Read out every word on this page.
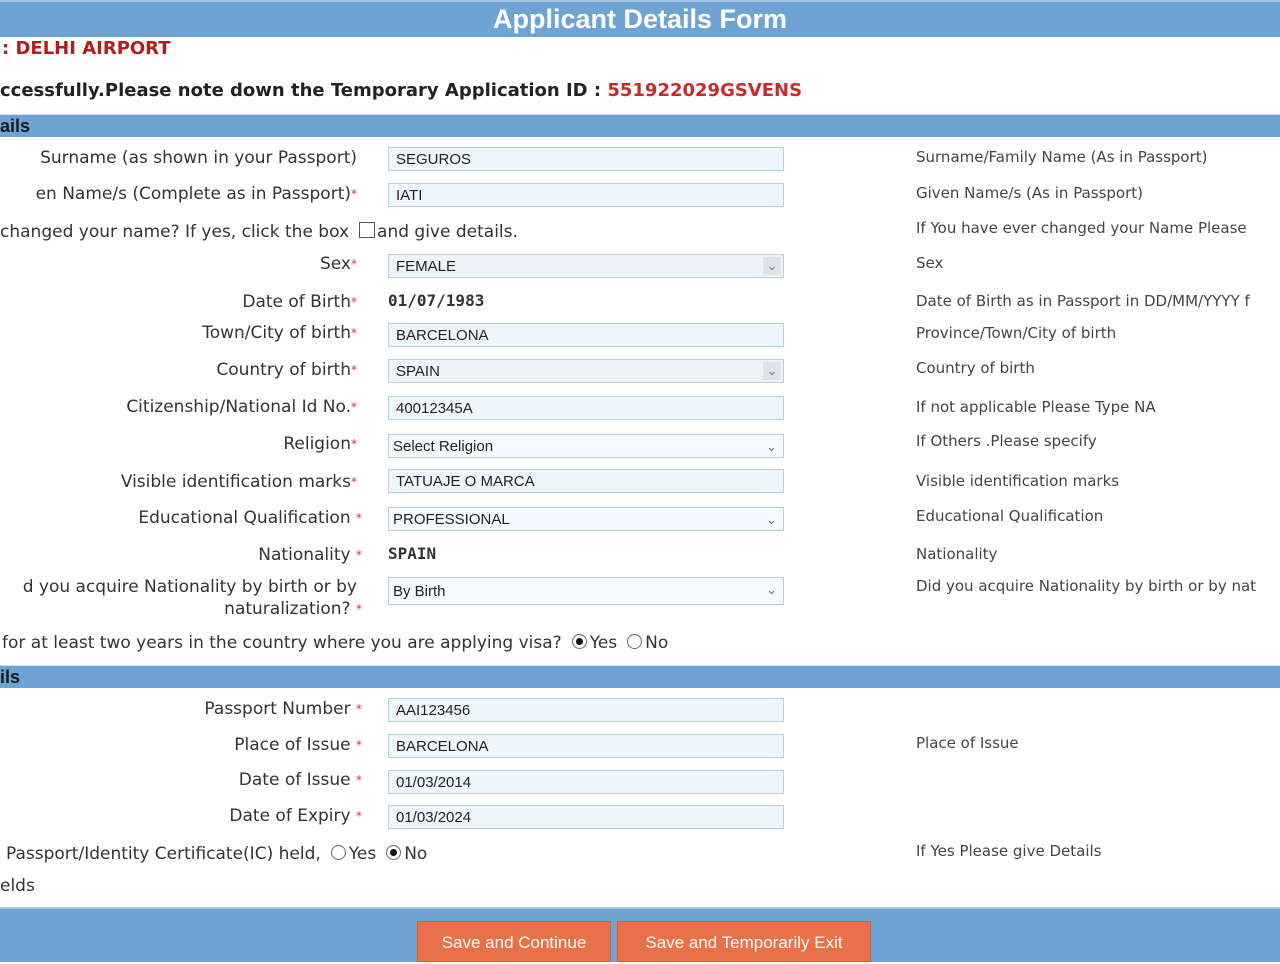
Applicant Details Form
: DELHI AIRPORT
ccessfully.Please note down the Temporary Application ID : 551922029GSVENS
ails
Surname (as shown in your Passport)	SEGUROS	Surname/Family Name (As in Passport)
en Name/s (Complete as in Passport)*	IATI	Given Name/s (As in Passport)
changed your name? If yes, click the box and give details.	If You have ever changed your Name Please
Sex*	FEMALE	⌄	Sex
Date of Birth* 01/07/1983	Date of Birth as in Passport in DD/MM/YYYY f
Town/City of birth*	BARCELONA	Province/Town/City of birth
Country of birth*	SPAIN	⌄	Country of birth
Citizenship/National Id No.*	40012345A	If not applicable Please Type NA
Religion*	Select Religion	⌄	If Others .Please specify
Visible identification marks*	TATUAJE O MARCA	Visible identification marks
Educational Qualification *	PROFESSIONAL	⌄	Educational Qualification
Nationality * SPAIN	Nationality
d you acquire Nationality by birth or by
naturalization? *
By Birth	⌄	Did you acquire Nationality by birth or by nat
for at least two years in the country where you are applying visa? Yes No
ils
Passport Number *	AAI123456
Place of Issue *	BARCELONA	Place of Issue
Date of Issue *	01/03/2014
Date of Expiry *	01/03/2024
Passport/Identity Certificate(IC) held, Yes No	If Yes Please give Details
elds
Save and Continue	Save and Temporarily Exit
